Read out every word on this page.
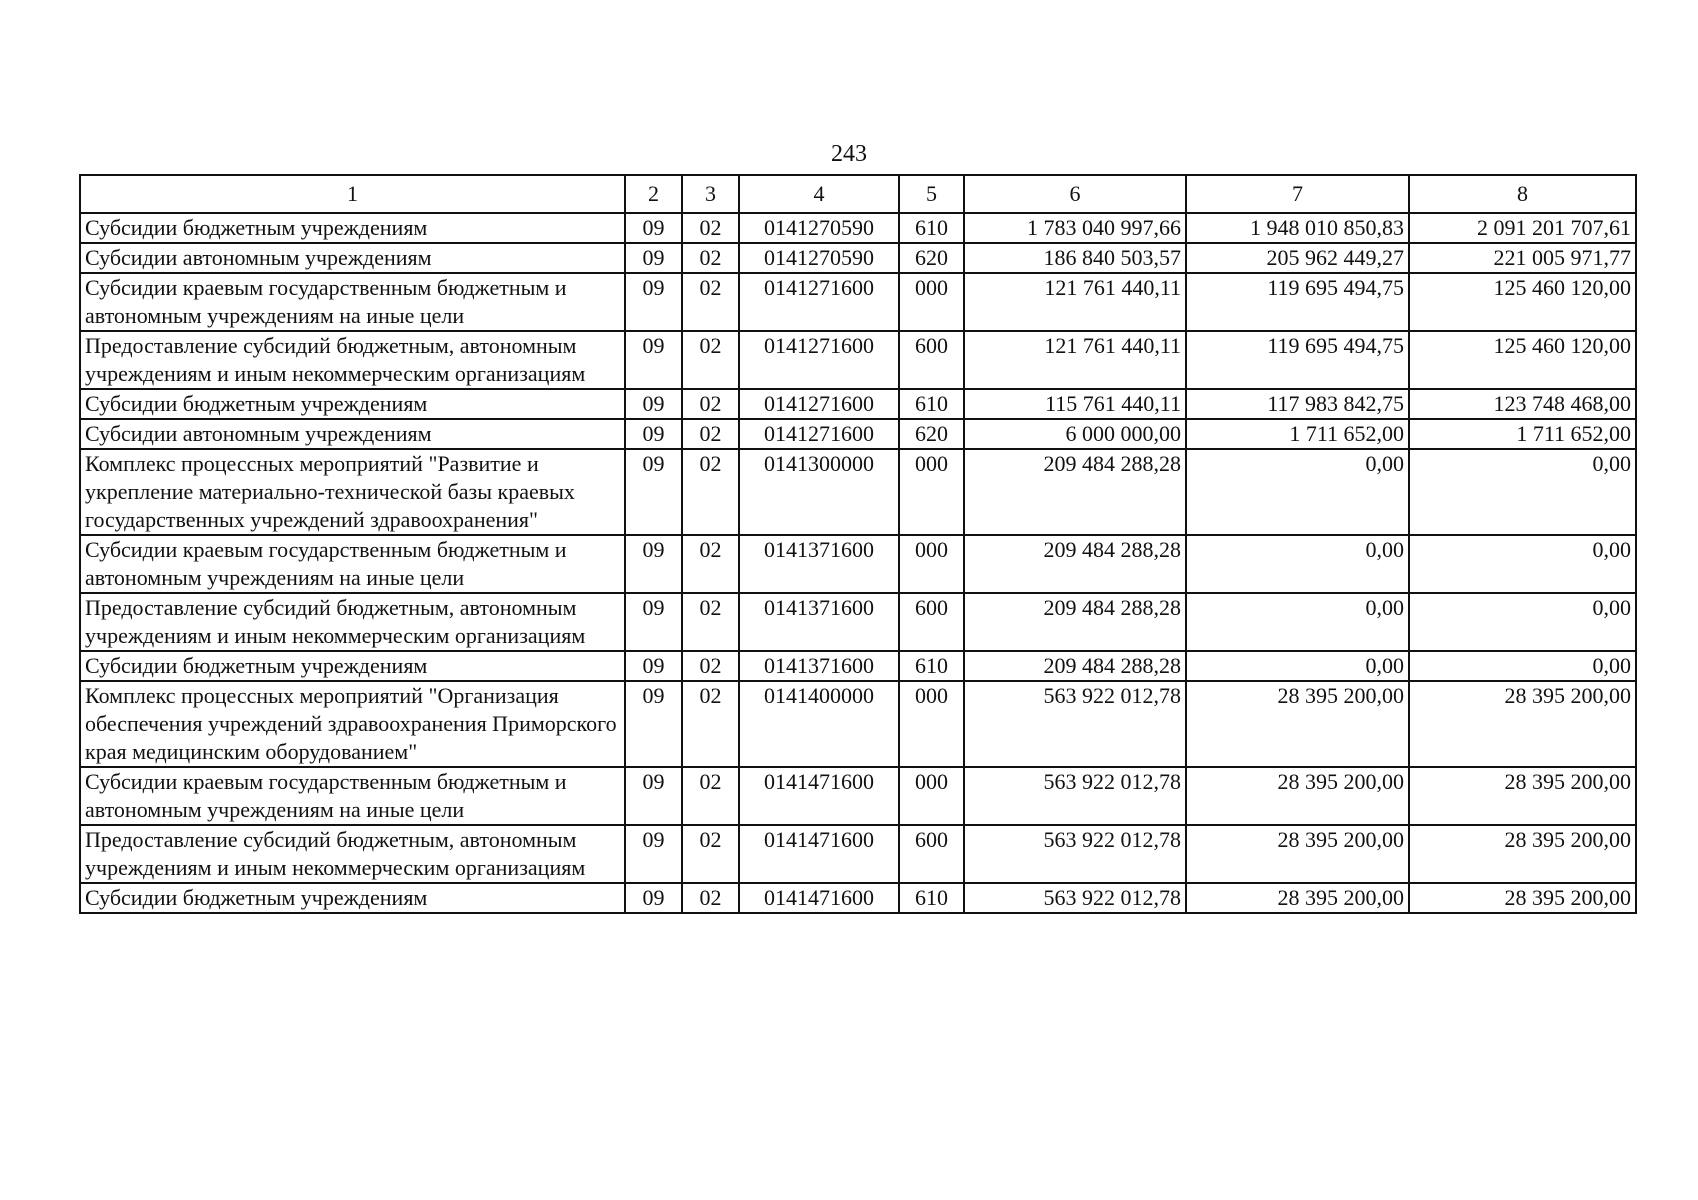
243
1	2	3	4	5	6	7	8
Субсидии бюджетным учреждениям	09	02	0141270590	610	1 783 040 997,66	1 948 010 850,83	2 091 201 707,61
Субсидии автономным учреждениям	09	02	0141270590	620	186 840 503,57	205 962 449,27	221 005 971,77
Субсидии краевым государственным бюджетным и автономным учреждениям на иные цели	09	02	0141271600	000	121 761 440,11	119 695 494,75	125 460 120,00
Предоставление субсидий бюджетным, автономным учреждениям и иным некоммерческим организациям	09	02	0141271600	600	121 761 440,11	119 695 494,75	125 460 120,00
Субсидии бюджетным учреждениям	09	02	0141271600	610	115 761 440,11	117 983 842,75	123 748 468,00
Субсидии автономным учреждениям	09	02	0141271600	620	6 000 000,00	1 711 652,00	1 711 652,00
Комплекс процессных мероприятий "Развитие и укрепление материально-технической базы краевых государственных учреждений здравоохранения"	09	02	0141300000	000	209 484 288,28	0,00	0,00
Субсидии краевым государственным бюджетным и автономным учреждениям на иные цели	09	02	0141371600	000	209 484 288,28	0,00	0,00
Предоставление субсидий бюджетным, автономным учреждениям и иным некоммерческим организациям	09	02	0141371600	600	209 484 288,28	0,00	0,00
Субсидии бюджетным учреждениям	09	02	0141371600	610	209 484 288,28	0,00	0,00
Комплекс процессных мероприятий "Организация обеспечения учреждений здравоохранения Приморского края медицинским оборудованием"	09	02	0141400000	000	563 922 012,78	28 395 200,00	28 395 200,00
Субсидии краевым государственным бюджетным и автономным учреждениям на иные цели	09	02	0141471600	000	563 922 012,78	28 395 200,00	28 395 200,00
Предоставление субсидий бюджетным, автономным учреждениям и иным некоммерческим организациям	09	02	0141471600	600	563 922 012,78	28 395 200,00	28 395 200,00
Субсидии бюджетным учреждениям	09	02	0141471600	610	563 922 012,78	28 395 200,00	28 395 200,00
